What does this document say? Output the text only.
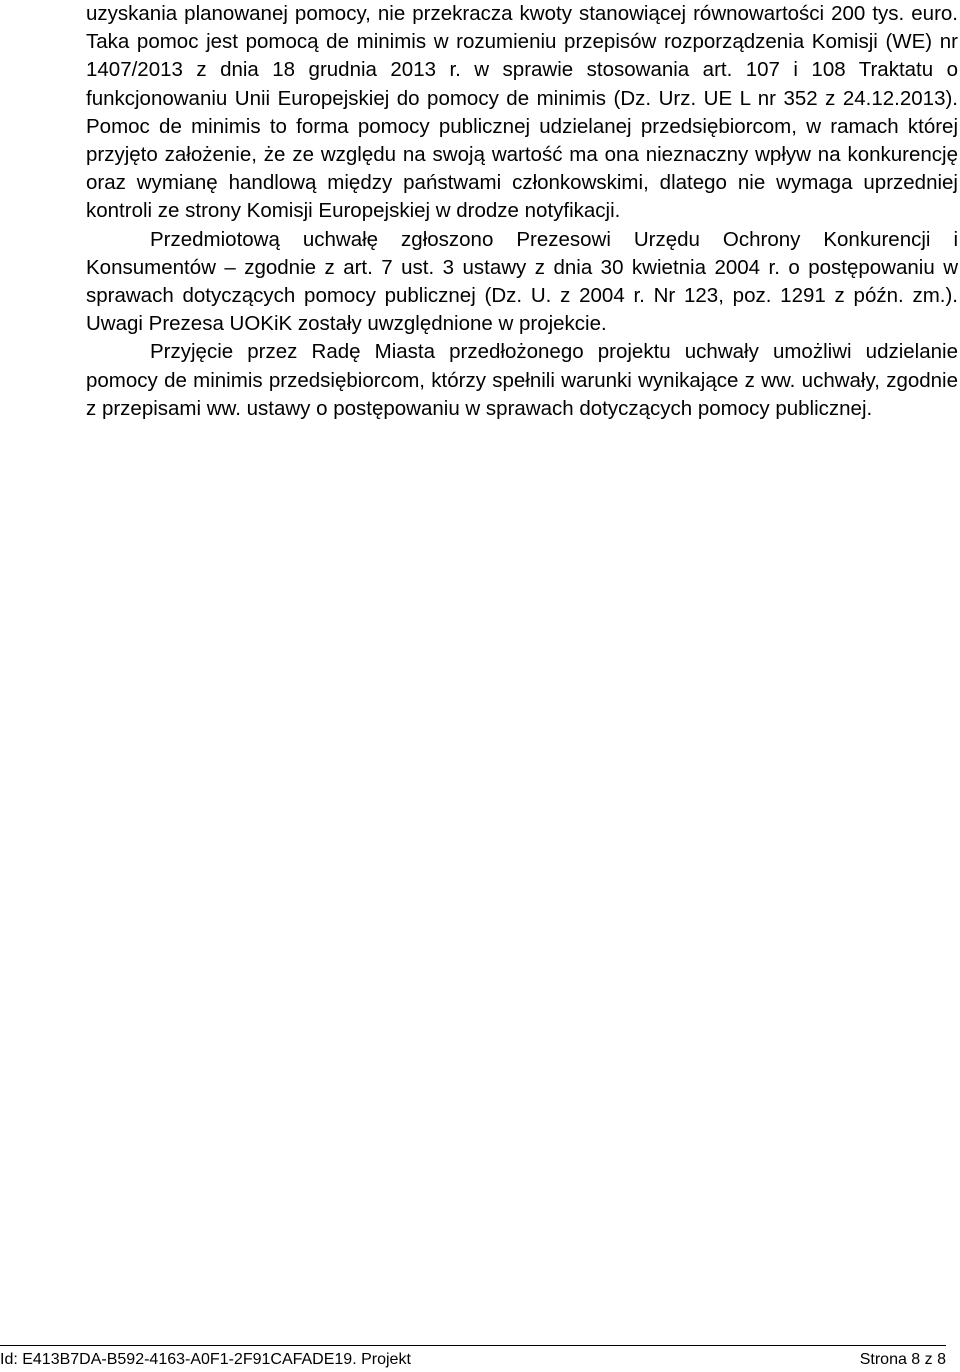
uzyskania planowanej pomocy, nie przekracza kwoty stanowiącej równowartości 200 tys. euro. Taka pomoc jest pomocą de minimis w rozumieniu przepisów rozporządzenia Komisji (WE) nr 1407/2013 z dnia 18 grudnia 2013 r. w sprawie stosowania art. 107 i 108 Traktatu o funkcjonowaniu Unii Europejskiej do pomocy de minimis (Dz. Urz. UE L nr 352 z 24.12.2013). Pomoc de minimis to forma pomocy publicznej udzielanej przedsiębiorcom, w ramach której przyjęto założenie, że ze względu na swoją wartość ma ona nieznaczny wpływ na konkurencję oraz wymianę handlową między państwami członkowskimi, dlatego nie wymaga uprzedniej kontroli ze strony Komisji Europejskiej w drodze notyfikacji.

Przedmiotową uchwałę zgłoszono Prezesowi Urzędu Ochrony Konkurencji i Konsumentów – zgodnie z art. 7 ust. 3 ustawy z dnia 30 kwietnia 2004 r. o postępowaniu w sprawach dotyczących pomocy publicznej (Dz. U. z 2004 r. Nr 123, poz. 1291 z późn. zm.). Uwagi Prezesa UOKiK zostały uwzględnione w projekcie.

Przyjęcie przez Radę Miasta przedłożonego projektu uchwały umożliwi udzielanie pomocy de minimis przedsiębiorcom, którzy spełnili warunki wynikające z ww. uchwały, zgodnie z przepisami ww. ustawy o postępowaniu w sprawach dotyczących pomocy publicznej.

Id: E413B7DA-B592-4163-A0F1-2F91CAFADE19. Projekt	Strona 8 z 8
